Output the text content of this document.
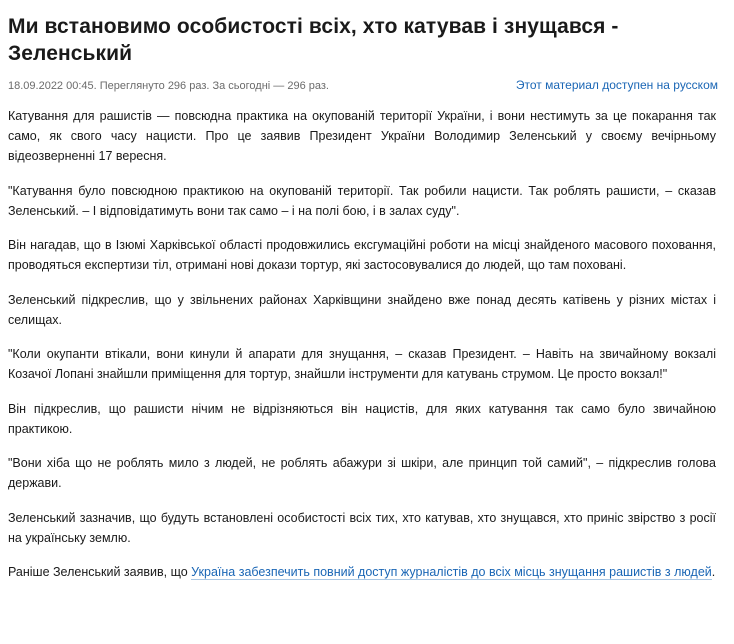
Ми встановимо особистості всіх, хто катував і знущався - Зеленський
18.09.2022 00:45. Переглянуто 296 раз. За сьогодні — 296 раз.	Этот материал доступен на русском

Катування для рашистів — повсюдна практика на окупованій території України, і вони нестимуть за це покарання так само, як свого часу нацисти. Про це заявив Президент України Володимир Зеленський у своєму вечірньому відеозверненні 17 вересня.

"Катування було повсюдною практикою на окупованій території. Так робили нацисти. Так роблять рашисти, – сказав Зеленський. – І відповідатимуть вони так само – і на полі бою, і в залах суду".

Він нагадав, що в Ізюмі Харківської області продовжились ексгумаційні роботи на місці знайденого масового поховання, проводяться експертизи тіл, отримані нові докази тортур, які застосовувалися до людей, що там поховані.

Зеленський підкреслив, що у звільнених районах Харківщини знайдено вже понад десять катівень у різних містах і селищах.

"Коли окупанти втікали, вони кинули й апарати для знущання, – сказав Президент. – Навіть на звичайному вокзалі Козачої Лопані знайшли приміщення для тортур, знайшли інструменти для катувань струмом. Це просто вокзал!"

Він підкреслив, що рашисти нічим не відрізняються він нацистів, для яких катування так само було звичайною практикою.

"Вони хіба що не роблять мило з людей, не роблять абажури зі шкіри, але принцип той самий", – підкреслив голова держави.

Зеленський зазначив, що будуть встановлені особистості всіх тих, хто катував, хто знущався, хто приніс звірство з росії на українську землю.

Раніше Зеленський заявив, що Україна забезпечить повний доступ журналістів до всіх місць знущання рашистів з людей.
